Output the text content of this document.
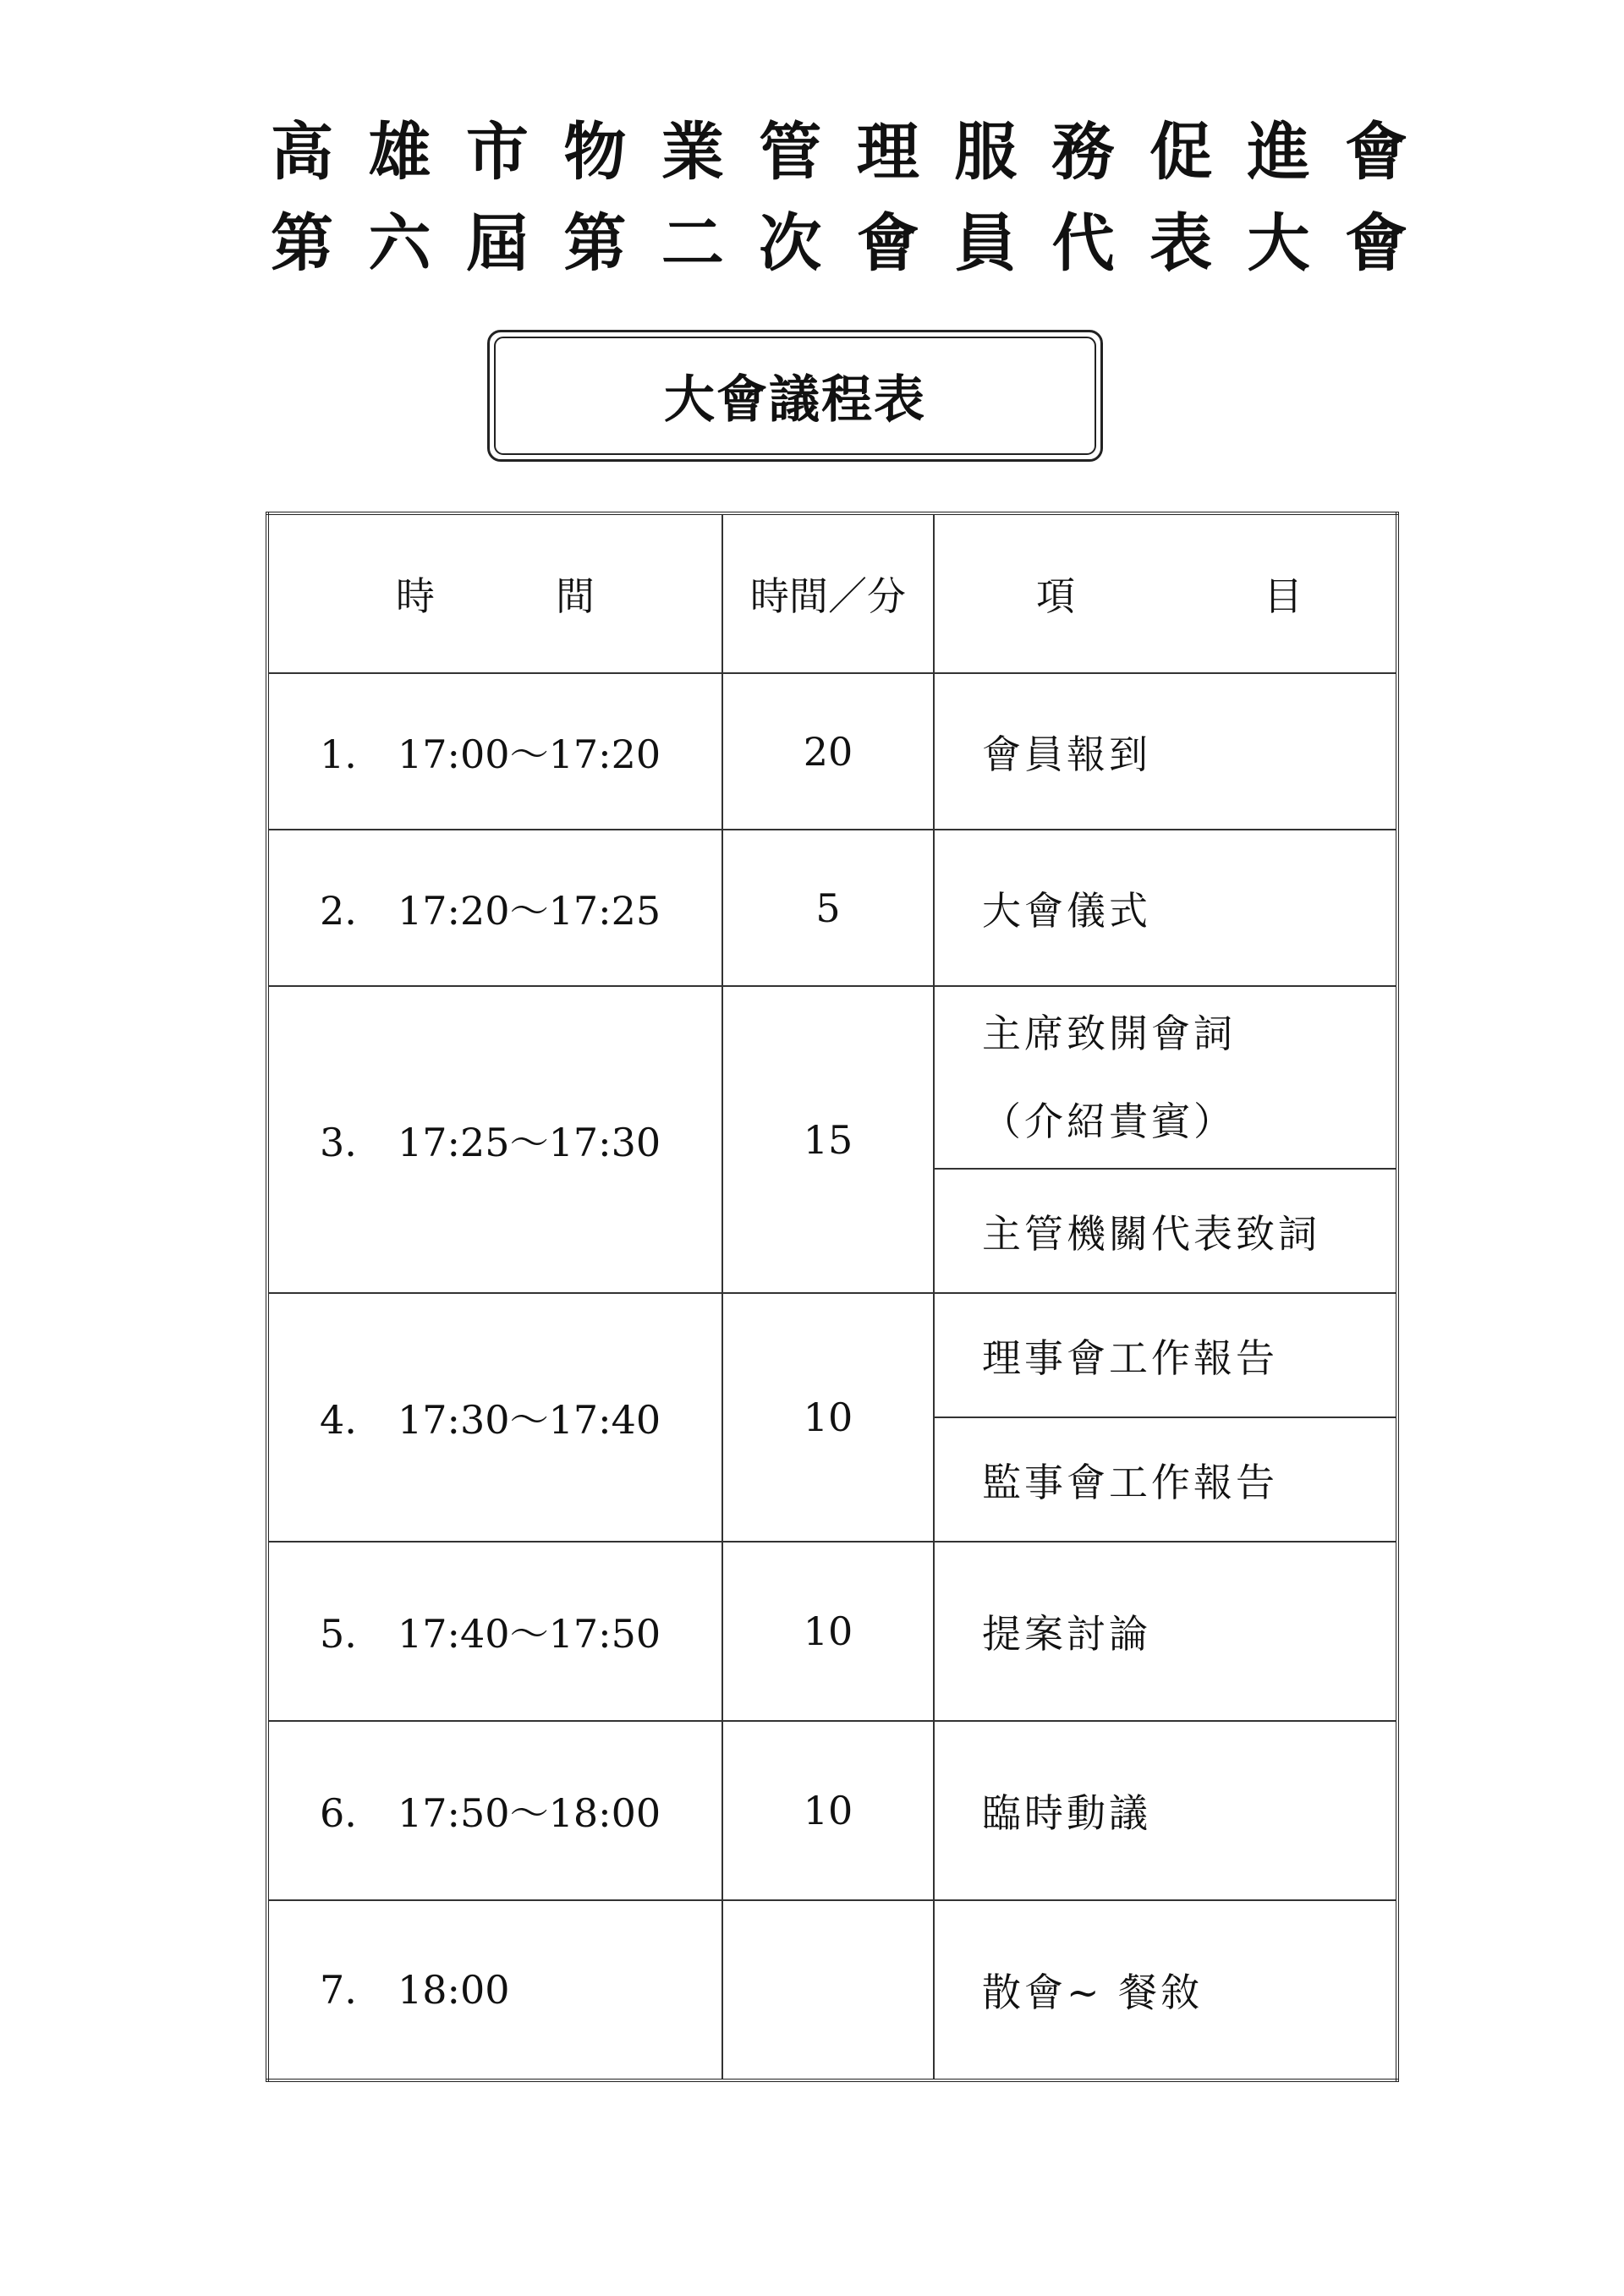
高 雄 市 物 業 管 理 服 務 促 進 會
第 六 屆 第 二 次 會 員 代 表 大 會
大會議程表
時 間	時間／分	項 目

1. 17:00～17:20	20	會員報到
2. 17:20～17:25	5	大會儀式
3. 17:25～17:30	15	主席致開會詞
（介紹貴賓）

		主管機關代表致詞
4. 17:30～17:40	10	理事會工作報告
		監事會工作報告
5. 17:40～17:50	10	提案討論
6. 17:50～18:00	10	臨時動議
7. 18:00		散會~ 餐敘
